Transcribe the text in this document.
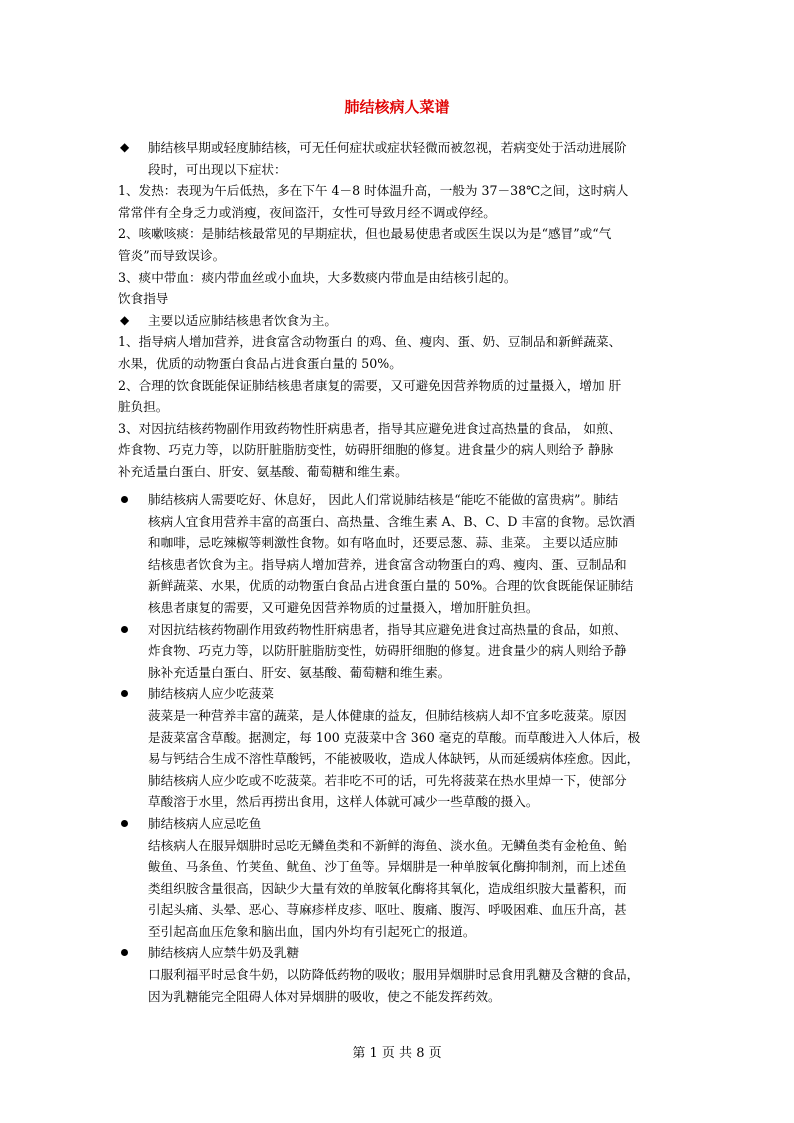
肺结核病人菜谱
◆ 肺结核早期或轻度肺结核，可无任何症状或症状轻微而被忽视，若病变处于活动进展阶
段时，可出现以下症状：
1、发热：表现为午后低热，多在下午 4－8 时体温升高，一般为 37－38℃之间，这时病人
常常伴有全身乏力或消瘦，夜间盗汗，女性可导致月经不调或停经。
2、咳嗽咳痰：是肺结核最常见的早期症状，但也最易使患者或医生误以为是“感冒”或“气
管炎”而导致误诊。
3、痰中带血：痰内带血丝或小血块，大多数痰内带血是由结核引起的。
饮食指导
◆ 主要以适应肺结核患者饮食为主。
1、指导病人增加营养，进食富含动物蛋白 的鸡、鱼、瘦肉、蛋、奶、豆制品和新鲜蔬菜、
水果，优质的动物蛋白食品占进食蛋白量的 50%。
2、合理的饮食既能保证肺结核患者康复的需要，又可避免因营养物质的过量摄入，增加 肝
脏负担。
3、对因抗结核药物副作用致药物性肝病患者，指导其应避免进食过高热量的食品， 如煎、
炸食物、巧克力等，以防肝脏脂肪变性，妨碍肝细胞的修复。进食量少的病人则给予 静脉
补充适量白蛋白、肝安、氨基酸、葡萄糖和维生素。
肺结核病人需要吃好、休息好， 因此人们常说肺结核是“能吃不能做的富贵病”。肺结
核病人宜食用营养丰富的高蛋白、高热量、含维生素 A、B、C、D 丰富的食物。忌饮酒
和咖啡，忌吃辣椒等刺激性食物。如有咯血时，还要忌葱、蒜、韭菜。 主要以适应肺
结核患者饮食为主。指导病人增加营养，进食富含动物蛋白的鸡、瘦肉、蛋、豆制品和
新鲜蔬菜、水果，优质的动物蛋白食品占进食蛋白量的 50%。合理的饮食既能保证肺结
核患者康复的需要，又可避免因营养物质的过量摄入，增加肝脏负担。
对因抗结核药物副作用致药物性肝病患者，指导其应避免进食过高热量的食品，如煎、
炸食物、巧克力等，以防肝脏脂肪变性，妨碍肝细胞的修复。进食量少的病人则给予静
脉补充适量白蛋白、肝安、氨基酸、葡萄糖和维生素。
肺结核病人应少吃菠菜
菠菜是一种营养丰富的蔬菜，是人体健康的益友，但肺结核病人却不宜多吃菠菜。原因
是菠菜富含草酸。据测定，每 100 克菠菜中含 360 毫克的草酸。而草酸进入人体后，极
易与钙结合生成不溶性草酸钙，不能被吸收，造成人体缺钙，从而延缓病体痊愈。因此，
肺结核病人应少吃或不吃菠菜。若非吃不可的话，可先将菠菜在热水里焯一下，使部分
草酸溶于水里，然后再捞出食用，这样人体就可减少一些草酸的摄入。
肺结核病人应忌吃鱼
结核病人在服异烟肼时忌吃无鳞鱼类和不新鲜的海鱼、淡水鱼。无鳞鱼类有金枪鱼、鲐
鲅鱼、马条鱼、竹荚鱼、鱿鱼、沙丁鱼等。异烟肼是一种单胺氧化酶抑制剂，而上述鱼
类组织胺含量很高，因缺少大量有效的单胺氧化酶将其氧化，造成组织胺大量蓄积，而
引起头痛、头晕、恶心、荨麻疹样皮疹、呕吐、腹痛、腹泻、呼吸困难、血压升高，甚
至引起高血压危象和脑出血，国内外均有引起死亡的报道。
肺结核病人应禁牛奶及乳糖
口服利福平时忌食牛奶，以防降低药物的吸收；服用异烟肼时忌食用乳糖及含糖的食品，
因为乳糖能完全阻碍人体对异烟肼的吸收，使之不能发挥药效。
第 1 页 共 8 页
